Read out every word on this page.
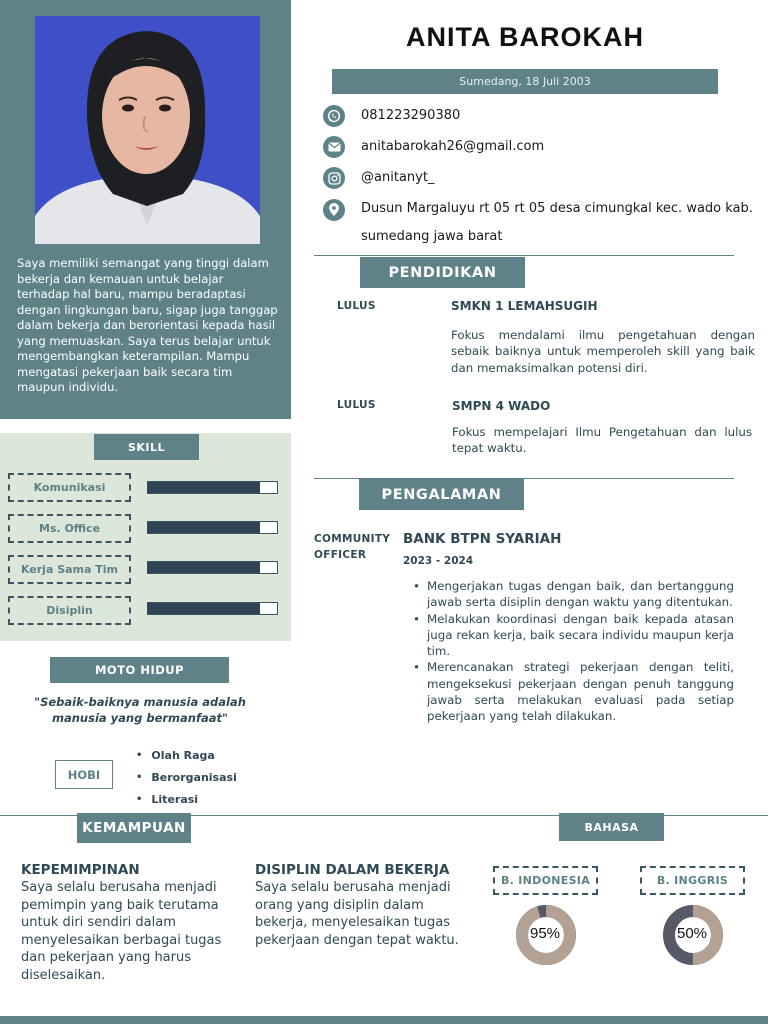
Saya memiliki semangat yang tinggi dalam bekerja dan kemauan untuk belajar terhadap hal baru, mampu beradaptasi dengan lingkungan baru, sigap juga tanggap dalam bekerja dan berorientasi kepada hasil yang memuaskan. Saya terus belajar untuk mengembangkan keterampilan. Mampu mengatasi pekerjaan baik secara tim maupun individu.
SKILL
Komunikasi
Ms. Office
Kerja Sama Tim
Disiplin
MOTO HIDUP
"Sebaik-baiknya manusia adalah manusia yang bermanfaat"
HOBI
• Olah Raga
• Berorganisasi
• Literasi
ANITA BAROKAH
Sumedang, 18 Juli 2003
081223290380
anitabarokah26@gmail.com
@anitanyt_
Dusun Margaluyu rt 05 rt 05 desa cimungkal kec. wado kab.
sumedang jawa barat
PENDIDIKAN
LULUS	SMKN 1 LEMAHSUGIH
Fokus mendalami ilmu pengetahuan dengan sebaik baiknya untuk memperoleh skill yang baik dan memaksimalkan potensi diri.
LULUS	SMPN 4 WADO
Fokus mempelajari Ilmu Pengetahuan dan lulus tepat waktu.
PENGALAMAN
COMMUNITY
OFFICER
BANK BTPN SYARIAH
2023 - 2024
• Mengerjakan tugas dengan baik, dan bertanggung jawab serta disiplin dengan waktu yang ditentukan.
• Melakukan koordinasi dengan baik kepada atasan juga rekan kerja, baik secara individu maupun kerja tim.
• Merencanakan strategi pekerjaan dengan teliti, mengeksekusi pekerjaan dengan penuh tanggung jawab serta melakukan evaluasi pada setiap pekerjaan yang telah dilakukan.
KEMAMPUAN	BAHASA
KEPEMIMPINAN
Saya selalu berusaha menjadi pemimpin yang baik terutama untuk diri sendiri dalam menyelesaikan berbagai tugas dan pekerjaan yang harus diselesaikan.
DISIPLIN DALAM BEKERJA
Saya selalu berusaha menjadi orang yang disiplin dalam bekerja, menyelesaikan tugas pekerjaan dengan tepat waktu.
B. INDONESIA	B. INGGRIS
95%	50%
